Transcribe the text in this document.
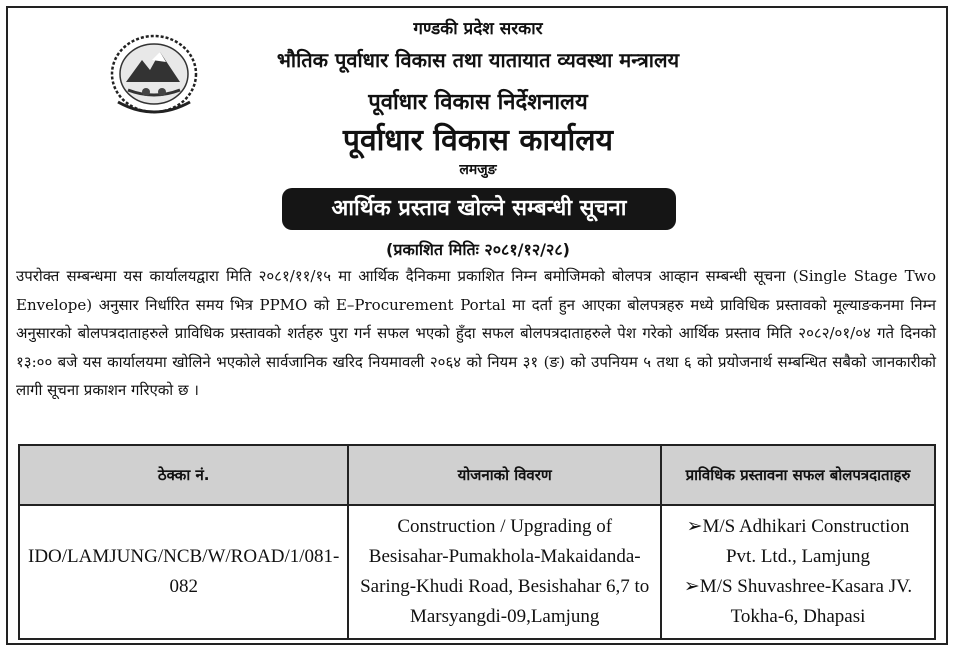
गण्डकी प्रदेश सरकार
भौतिक पूर्वाधार विकास तथा यातायात व्यवस्था मन्त्रालय
पूर्वाधार विकास निर्देशनालय
पूर्वाधार विकास कार्यालय
लमजुङ
आर्थिक प्रस्ताव खोल्ने सम्बन्धी सूचना
(प्रकाशित मितिः २०८१/१२/२८)
उपरोक्त सम्बन्धमा यस कार्यालयद्वारा मिति २०८१/११/१५ मा आर्थिक दैनिकमा प्रकाशित निम्न बमोजिमको बोलपत्र आव्हान सम्बन्धी सूचना (Single Stage Two Envelope) अनुसार निर्धारित समय भित्र PPMO को E–Procurement Portal मा दर्ता हुन आएका बोलपत्रहरु मध्ये प्राविधिक प्रस्तावको मूल्याङकनमा निम्न अनुसारको बोलपत्रदाताहरुले प्राविधिक प्रस्तावको शर्तहरु पुरा गर्न सफल भएको हुँदा सफल बोलपत्रदाताहरुले पेश गरेको आर्थिक प्रस्ताव मिति २०८२/०१/०४ गते दिनको १३:०० बजे यस कार्यालयमा खोलिने भएकोले सार्वजानिक खरिद नियमावली २०६४ को नियम ३१ (ङ) को उपनियम ५ तथा ६ को प्रयोजनार्थ सम्बन्धित सबैको जानकारीको लागी सूचना प्रकाशन गरिएको छ ।
ठेक्का नं.	योजनाको विवरण	प्राविधिक प्रस्तावना सफल बोलपत्रदाताहरु
IDO/LAMJUNG/NCB/W/ROAD/1/081-082	Construction / Upgrading of Besisahar-Pumakhola-Makaidanda-Saring-Khudi Road, Besishahar 6,7 to Marsyangdi-09,Lamjung	➢M/S Adhikari Construction Pvt. Ltd., Lamjung
➢M/S Shuvashree-Kasara JV. Tokha-6, Dhapasi
